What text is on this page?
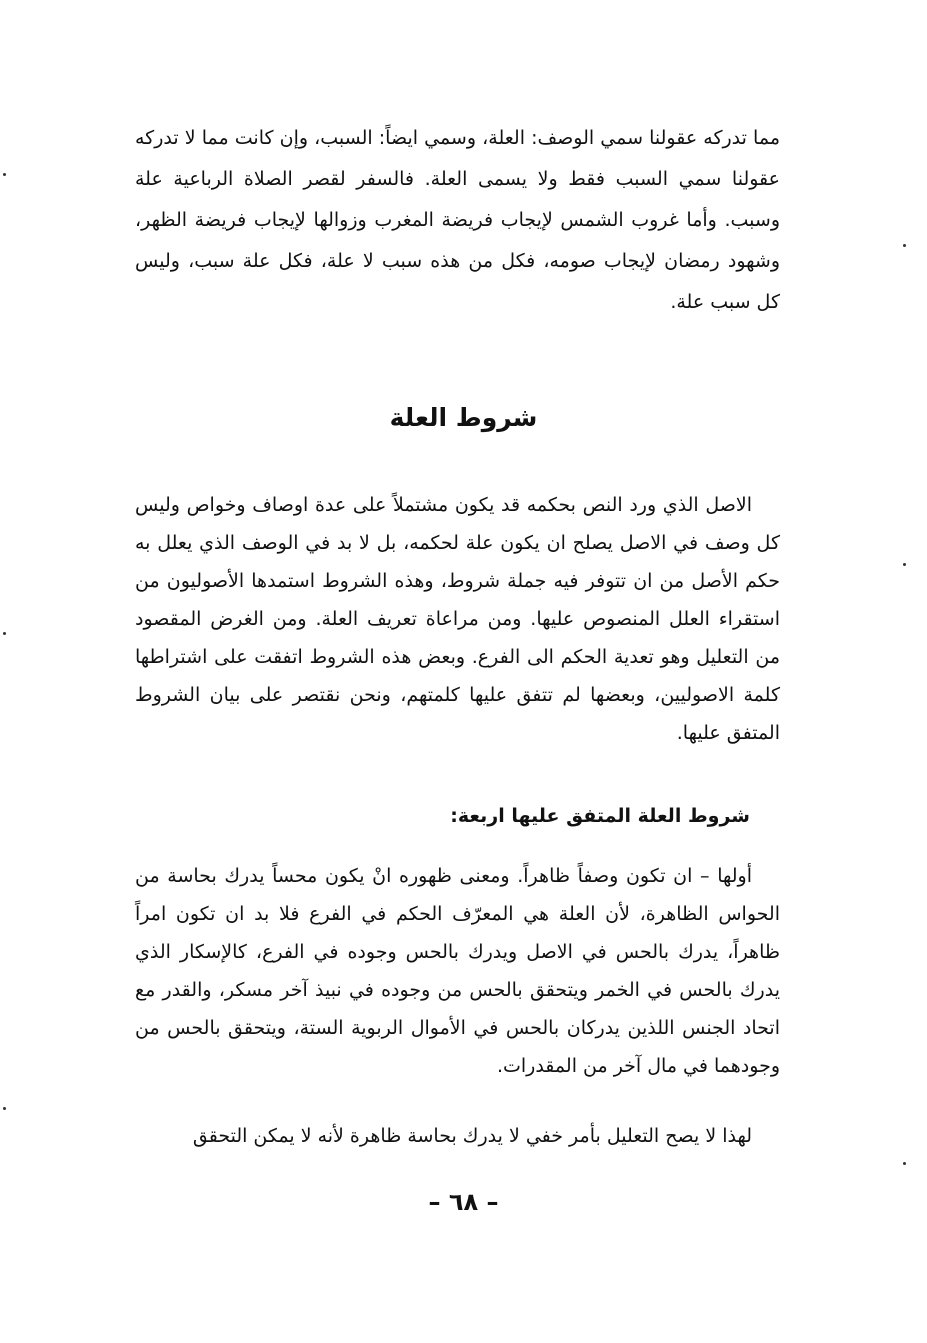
مما تدركه عقولنا سمي الوصف: العلة، وسمي ايضاً: السبب، وإن كانت مما لا تدركه عقولنا سمي السبب فقط ولا يسمى العلة. فالسفر لقصر الصلاة الرباعية علة وسبب. وأما غروب الشمس لإيجاب فريضة المغرب وزوالها لإيجاب فريضة الظهر، وشهود رمضان لإيجاب صومه، فكل من هذه سبب لا علة، فكل علة سبب، وليس كل سبب علة.

شروط العلة

الاصل الذي ورد النص بحكمه قد يكون مشتملاً على عدة اوصاف وخواص وليس كل وصف في الاصل يصلح ان يكون علة لحكمه، بل لا بد في الوصف الذي يعلل به حكم الأصل من ان تتوفر فيه جملة شروط، وهذه الشروط استمدها الأصوليون من استقراء العلل المنصوص عليها. ومن مراعاة تعريف العلة. ومن الغرض المقصود من التعليل وهو تعدية الحكم الى الفرع. وبعض هذه الشروط اتفقت على اشتراطها كلمة الاصوليين، وبعضها لم تتفق عليها كلمتهم، ونحن نقتصر على بيان الشروط المتفق عليها.

شروط العلة المتفق عليها اربعة:

أولها – ان تكون وصفاً ظاهراً. ومعنى ظهوره انْ يكون محساً يدرك بحاسة من الحواس الظاهرة، لأن العلة هي المعرّف الحكم في الفرع فلا بد ان تكون امراً ظاهراً، يدرك بالحس في الاصل ويدرك بالحس وجوده في الفرع، كالإسكار الذي يدرك بالحس في الخمر ويتحقق بالحس من وجوده في نبيذ آخر مسكر، والقدر مع اتحاد الجنس اللذين يدركان بالحس في الأموال الربوية الستة، ويتحقق بالحس من وجودهما في مال آخر من المقدرات.

لهذا لا يصح التعليل بأمر خفي لا يدرك بحاسة ظاهرة لأنه لا يمكن التحقق

– ٦٨ –
